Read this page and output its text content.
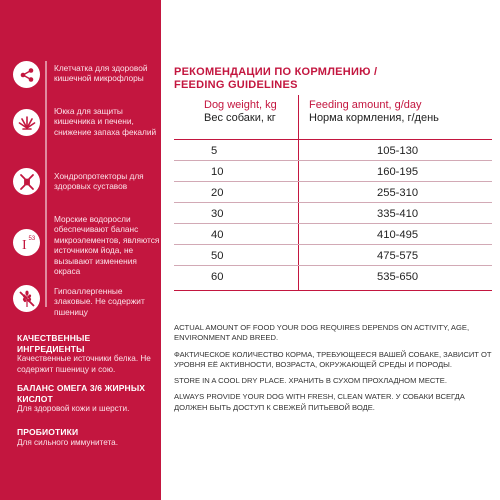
Клетчатка для здоровой кишечной микрофлоры
Юкка для защиты кишечника и печени, снижение запаха фекалий
Хондропротекторы для здоровых суставов
I 53
Морские водоросли обеспечивают баланс микроэлементов, являются источником йода, не вызывают изменения окраса
Гипоаллергенные злаковые. Не содержит пшеницу
КАЧЕСТВЕННЫЕ ИНГРЕДИЕНТЫ
Качественные источники белка. Не содержит пшеницу и сою.
БАЛАНС ОМЕГА 3/6 ЖИРНЫХ КИСЛОТ
Для здоровой кожи и шерсти.
ПРОБИОТИКИ
Для сильного иммунитета.
РЕКОМЕНДАЦИИ ПО КОРМЛЕНИЮ /
FEEDING GUIDELINES
Dog weight, kg
Вес собаки, кг
Feeding amount, g/day
Норма кормления, г/день
5	105-130
10	160-195
20	255-310
30	335-410
40	410-495
50	475-575
60	535-650

ACTUAL AMOUNT OF FOOD YOUR DOG REQUIRES DEPENDS ON ACTIVITY, AGE, ENVIRONMENT AND BREED.

ФАКТИЧЕСКОЕ КОЛИЧЕСТВО КОРМА, ТРЕБУЮЩЕЕСЯ ВАШЕЙ СОБАКЕ, ЗАВИСИТ ОТ УРОВНЯ ЕЁ АКТИВНОСТИ, ВОЗРАСТА, ОКРУЖАЮЩЕЙ СРЕДЫ И ПОРОДЫ.

STORE IN A COOL DRY PLACE. ХРАНИТЬ В СУХОМ ПРОХЛАДНОМ МЕСТЕ.

ALWAYS PROVIDE YOUR DOG WITH FRESH, CLEAN WATER. У СОБАКИ ВСЕГДА ДОЛЖЕН БЫТЬ ДОСТУП К СВЕЖЕЙ ПИТЬЕВОЙ ВОДЕ.
